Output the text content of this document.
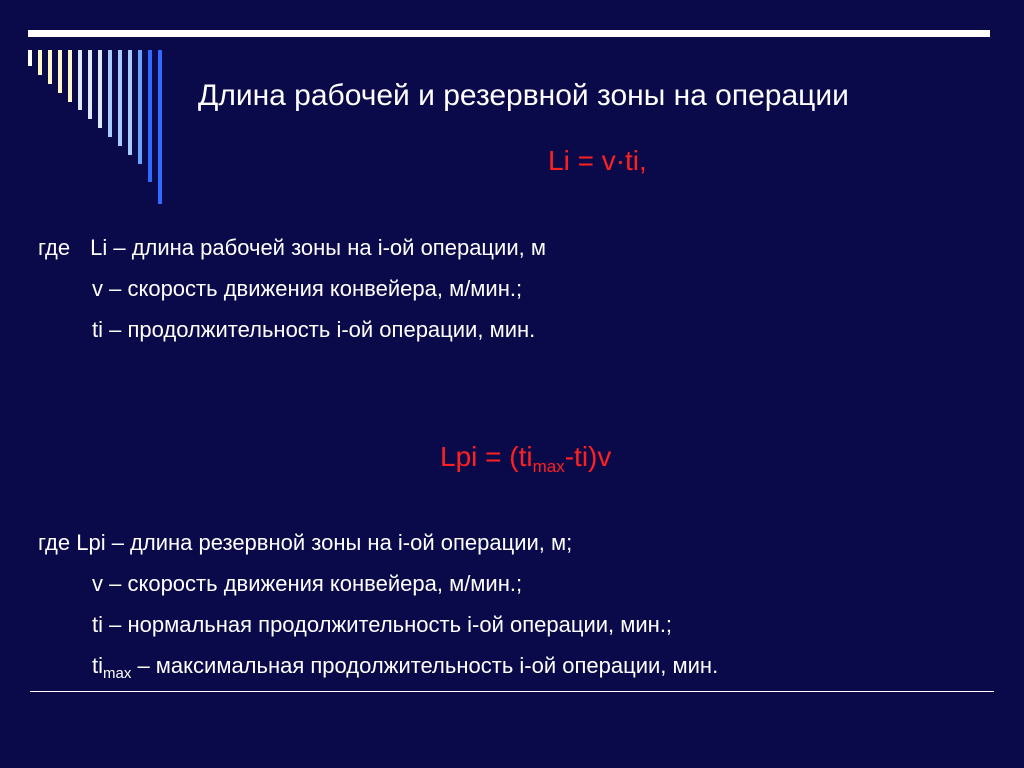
Длина рабочей и резервной зоны на операции
Li = v·ti,
где Li – длина рабочей зоны на i-ой операции, м
v – скорость движения конвейера, м/мин.;
ti – продолжительность i-ой операции, мин.
Lpi = $(ti_{max}-ti)v$
где Lpi – длина резервной зоны на i-ой операции, м;
v – скорость движения конвейера, м/мин.;
ti – нормальная продолжительность i-ой операции, мин.;
$ti_{max}$ – максимальная продолжительность i-ой операции, мин.
